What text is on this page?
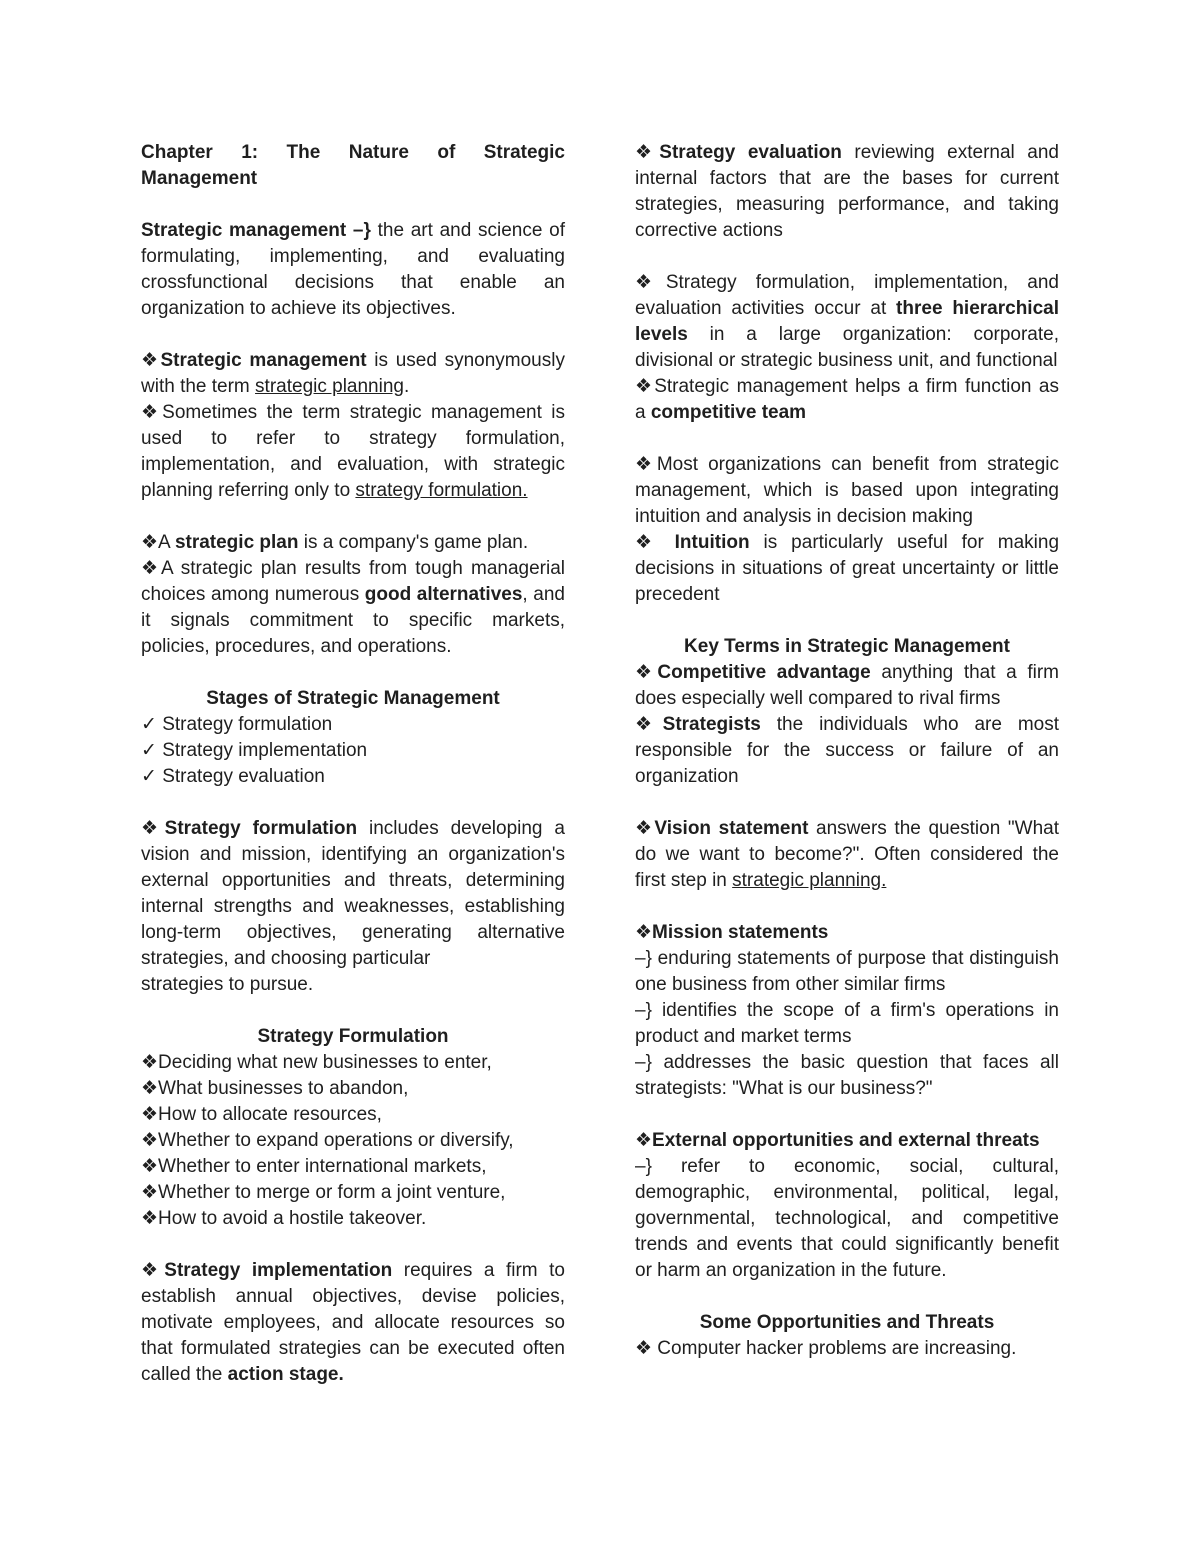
Chapter 1: The Nature of Strategic Management

Strategic management –} the art and science of formulating, implementing, and evaluating crossfunctional decisions that enable an organization to achieve its objectives.

❖Strategic management is used synonymously with the term strategic planning.

❖Sometimes the term strategic management is used to refer to strategy formulation, implementation, and evaluation, with strategic planning referring only to strategy formulation.

❖A strategic plan is a company's game plan.

❖A strategic plan results from tough managerial choices among numerous good alternatives, and it signals commitment to specific markets, policies, procedures, and operations.

Stages of Strategic Management

✓ Strategy formulation
✓ Strategy implementation
✓ Strategy evaluation

❖Strategy formulation includes developing a vision and mission, identifying an organization's external opportunities and threats, determining internal strengths and weaknesses, establishing long-term objectives, generating alternative strategies, and choosing particular

strategies to pursue.

Strategy Formulation

❖Deciding what new businesses to enter,
❖What businesses to abandon,
❖How to allocate resources,
❖Whether to expand operations or diversify,
❖Whether to enter international markets,
❖Whether to merge or form a joint venture,
❖How to avoid a hostile takeover.

❖Strategy implementation requires a firm to establish annual objectives, devise policies, motivate employees, and allocate resources so that formulated strategies can be executed often called the action stage.

❖Strategy evaluation reviewing external and internal factors that are the bases for current strategies, measuring performance, and taking corrective actions

❖Strategy formulation, implementation, and evaluation activities occur at three hierarchical levels in a large organization: corporate, divisional or strategic business unit, and functional

❖Strategic management helps a firm function as a competitive team

❖Most organizations can benefit from strategic management, which is based upon integrating intuition and analysis in decision making

❖ Intuition is particularly useful for making decisions in situations of great uncertainty or little precedent

Key Terms in Strategic Management

❖Competitive advantage anything that a firm does especially well compared to rival firms

❖Strategists the individuals who are most responsible for the success or failure of an organization

❖Vision statement answers the question "What do we want to become?". Often considered the first step in strategic planning.

❖Mission statements

–} enduring statements of purpose that distinguish one business from other similar firms

–} identifies the scope of a firm's operations in product and market terms

–} addresses the basic question that faces all strategists: "What is our business?"

❖External opportunities and external threats

–} refer to economic, social, cultural, demographic, environmental, political, legal, governmental, technological, and competitive trends and events that could significantly benefit or harm an organization in the future.

Some Opportunities and Threats

❖ Computer hacker problems are increasing.
